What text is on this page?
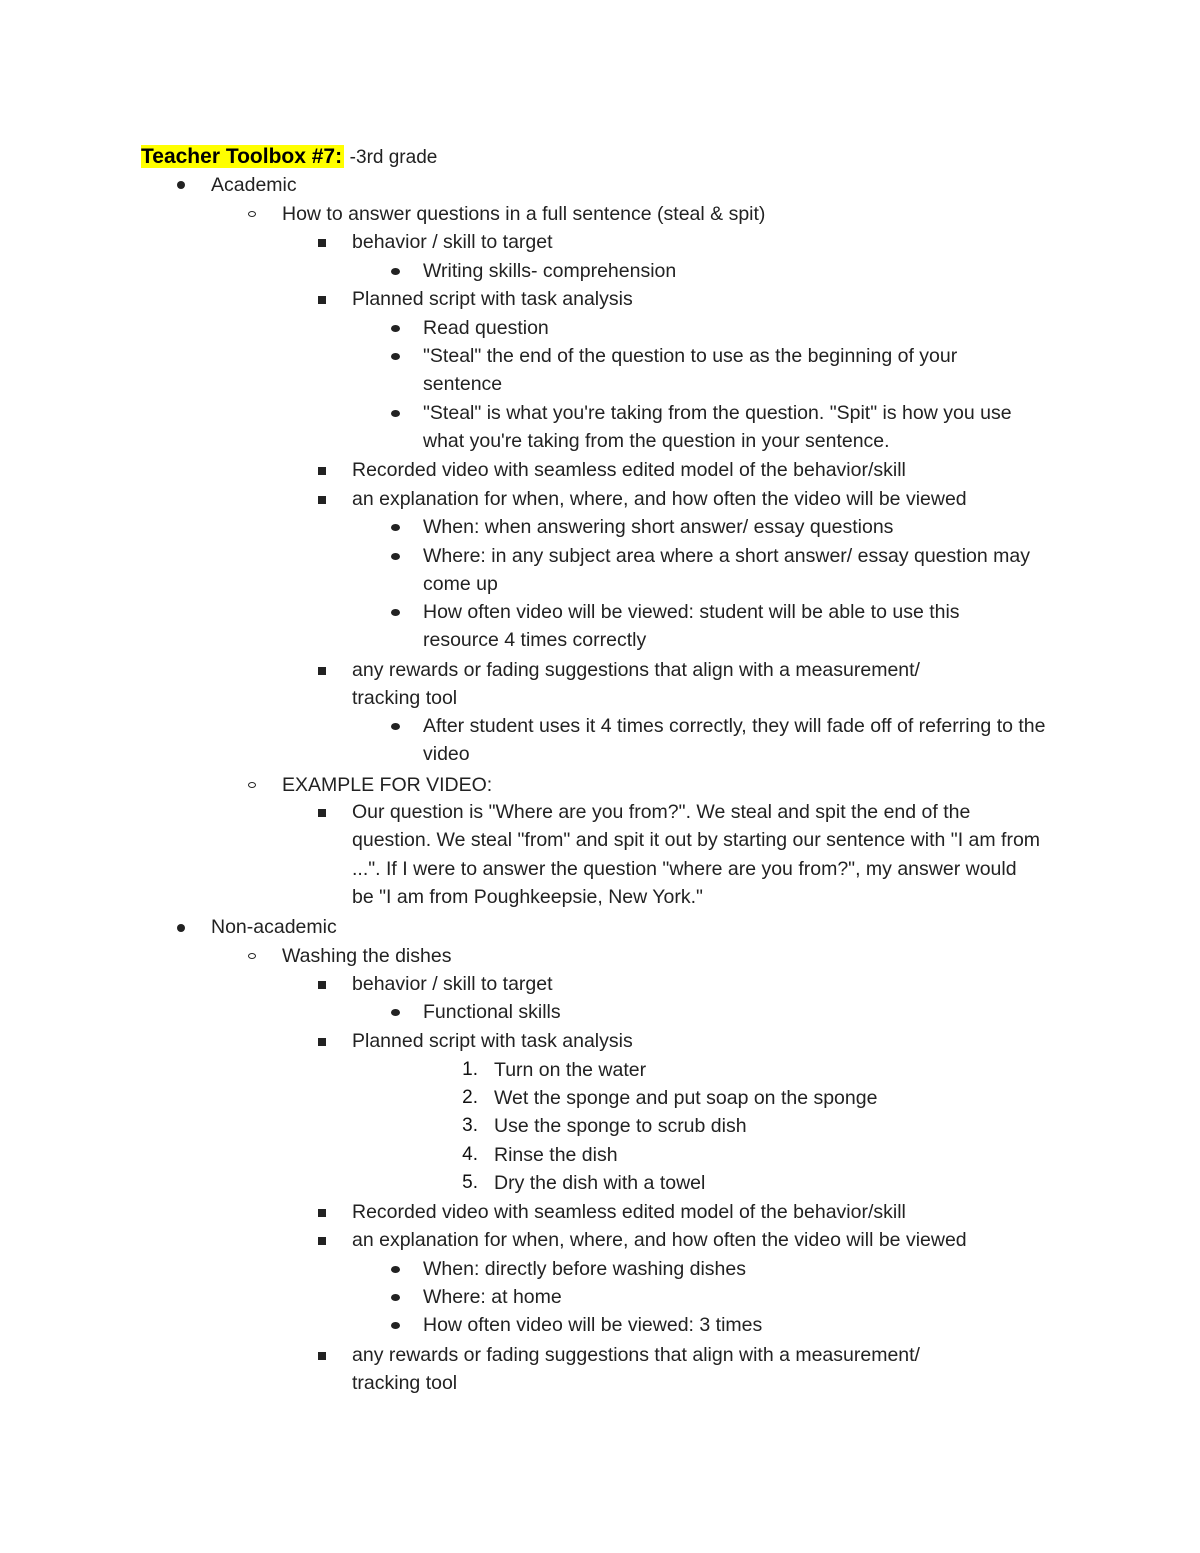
Teacher Toolbox #7: -3rd grade
Academic
How to answer questions in a full sentence (steal & spit)
behavior / skill to target
Writing skills- comprehension
Planned script with task analysis
Read question
"Steal" the end of the question to use as the beginning of your sentence
"Steal" is what you're taking from the question. "Spit" is how you use what you're taking from the question in your sentence.
Recorded video with seamless edited model of the behavior/skill
an explanation for when, where, and how often the video will be viewed
When: when answering short answer/ essay questions
Where: in any subject area where a short answer/ essay question may come up
How often video will be viewed: student will be able to use this resource 4 times correctly
any rewards or fading suggestions that align with a measurement/ tracking tool
After student uses it 4 times correctly, they will fade off of referring to the video
EXAMPLE FOR VIDEO:
Our question is "Where are you from?". We steal and spit the end of the question. We steal "from" and spit it out by starting our sentence with "I am from ...". If I were to answer the question "where are you from?", my answer would be "I am from Poughkeepsie, New York."
Non-academic
Washing the dishes
behavior / skill to target
Functional skills
Planned script with task analysis
1. Turn on the water
2. Wet the sponge and put soap on the sponge
3. Use the sponge to scrub dish
4. Rinse the dish
5. Dry the dish with a towel
Recorded video with seamless edited model of the behavior/skill
an explanation for when, where, and how often the video will be viewed
When: directly before washing dishes
Where: at home
How often video will be viewed: 3 times
any rewards or fading suggestions that align with a measurement/ tracking tool
